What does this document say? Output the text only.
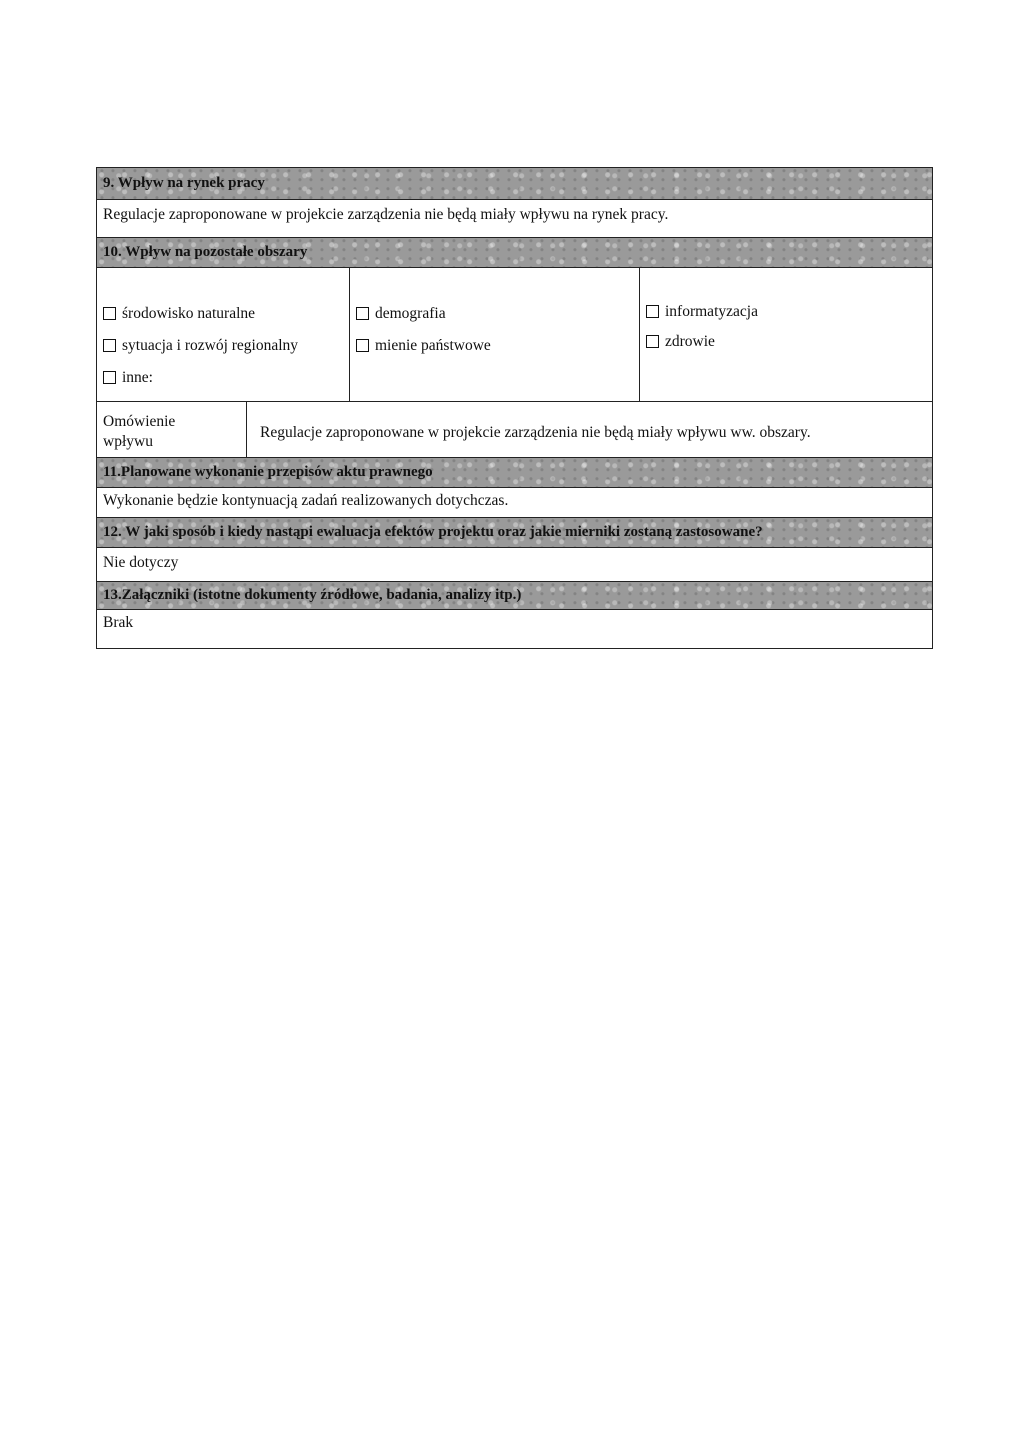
9. Wpływ na rynek pracy
Regulacje zaproponowane w projekcie zarządzenia nie będą miały wpływu na rynek pracy.
10. Wpływ na pozostałe obszary
środowisko naturalne
sytuacja i rozwój regionalny
inne:
demografia
mienie państwowe
informatyzacja
zdrowie
Omówienie
wpływu
Regulacje zaproponowane w projekcie zarządzenia nie będą miały wpływu ww. obszary.
11.Planowane wykonanie przepisów aktu prawnego
Wykonanie będzie kontynuacją zadań realizowanych dotychczas.
12. W jaki sposób i kiedy nastąpi ewaluacja efektów projektu oraz jakie mierniki zostaną zastosowane?
Nie dotyczy
13.Załączniki (istotne dokumenty źródłowe, badania, analizy itp.)
Brak
